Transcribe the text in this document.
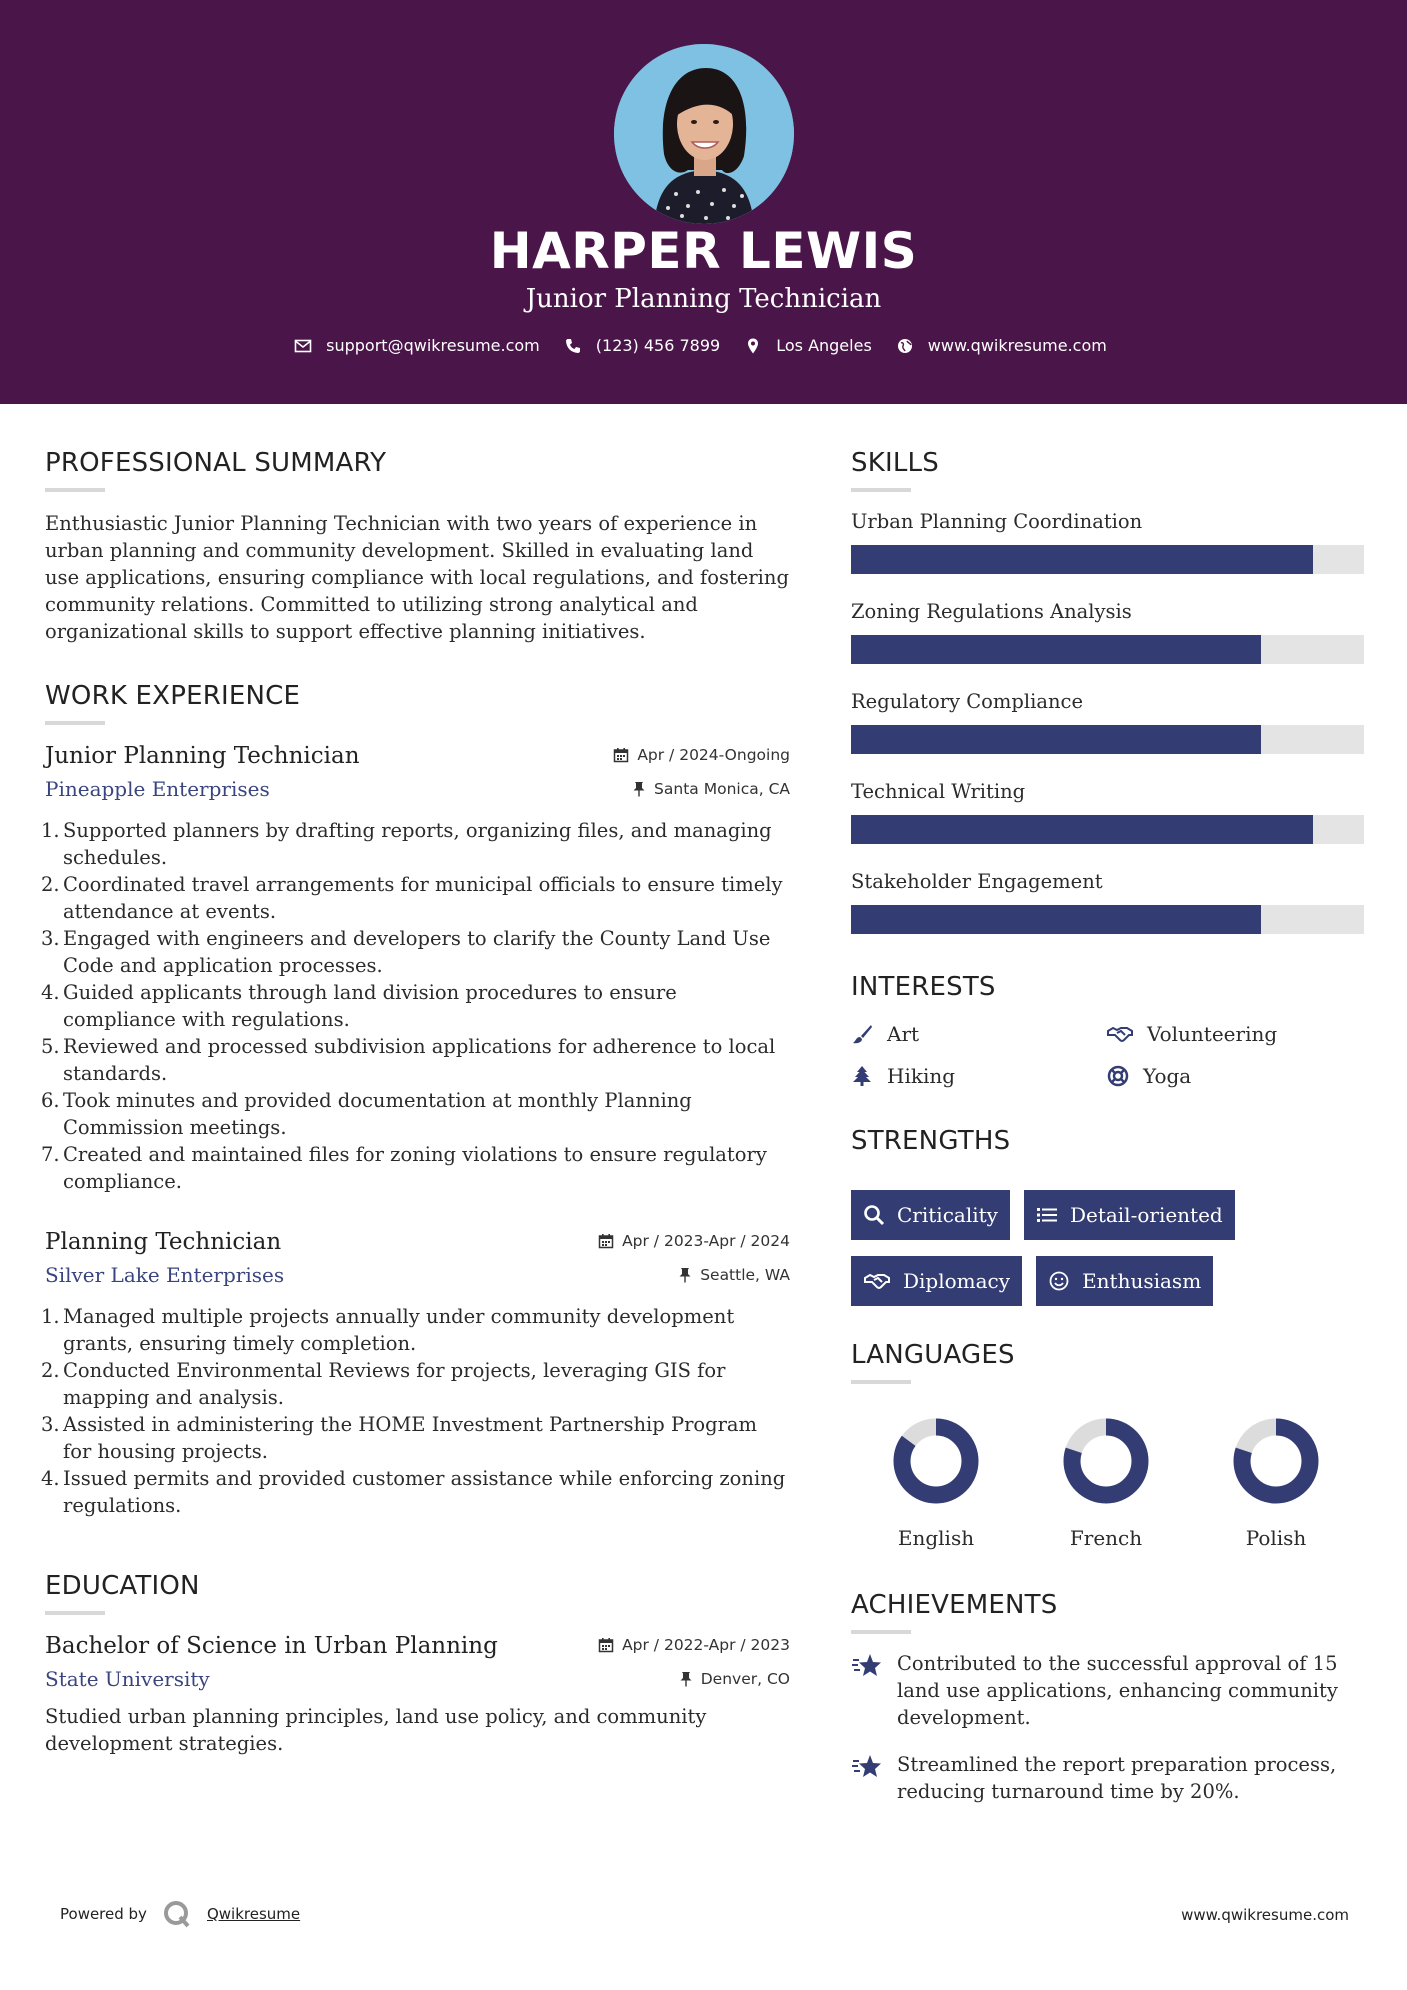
HARPER LEWIS
Junior Planning Technician
support@qwikresume.com	(123) 456 7899	Los Angeles	www.qwikresume.com
PROFESSIONAL SUMMARY

Enthusiastic Junior Planning Technician with two years of experience in urban planning and community development. Skilled in evaluating land use applications, ensuring compliance with local regulations, and fostering community relations. Committed to utilizing strong analytical and organizational skills to support effective planning initiatives.

WORK EXPERIENCE
Junior Planning Technician	Apr / 2024-Ongoing
Pineapple Enterprises	Santa Monica, CA
1. Supported planners by drafting reports, organizing files, and managing schedules.
2. Coordinated travel arrangements for municipal officials to ensure timely attendance at events.
3. Engaged with engineers and developers to clarify the County Land Use Code and application processes.
4. Guided applicants through land division procedures to ensure compliance with regulations.
5. Reviewed and processed subdivision applications for adherence to local standards.
6. Took minutes and provided documentation at monthly Planning Commission meetings.
7. Created and maintained files for zoning violations to ensure regulatory compliance.
Planning Technician	Apr / 2023-Apr / 2024
Silver Lake Enterprises	Seattle, WA
1. Managed multiple projects annually under community development grants, ensuring timely completion.
2. Conducted Environmental Reviews for projects, leveraging GIS for mapping and analysis.
3. Assisted in administering the HOME Investment Partnership Program for housing projects.
4. Issued permits and provided customer assistance while enforcing zoning regulations.
EDUCATION
Bachelor of Science in Urban Planning	Apr / 2022-Apr / 2023
State University	Denver, CO

Studied urban planning principles, land use policy, and community development strategies.

SKILLS
Urban Planning Coordination
Zoning Regulations Analysis
Regulatory Compliance
Technical Writing
Stakeholder Engagement
INTERESTS
Art	Volunteering
Hiking	Yoga
STRENGTHS
Criticality	Detail-oriented
Diplomacy	Enthusiasm
LANGUAGES
English	French	Polish
ACHIEVEMENTS
Contributed to the successful approval of 15 land use applications, enhancing community development.
Streamlined the report preparation process, reducing turnaround time by 20%.
Powered by	Qwikresume	www.qwikresume.com
